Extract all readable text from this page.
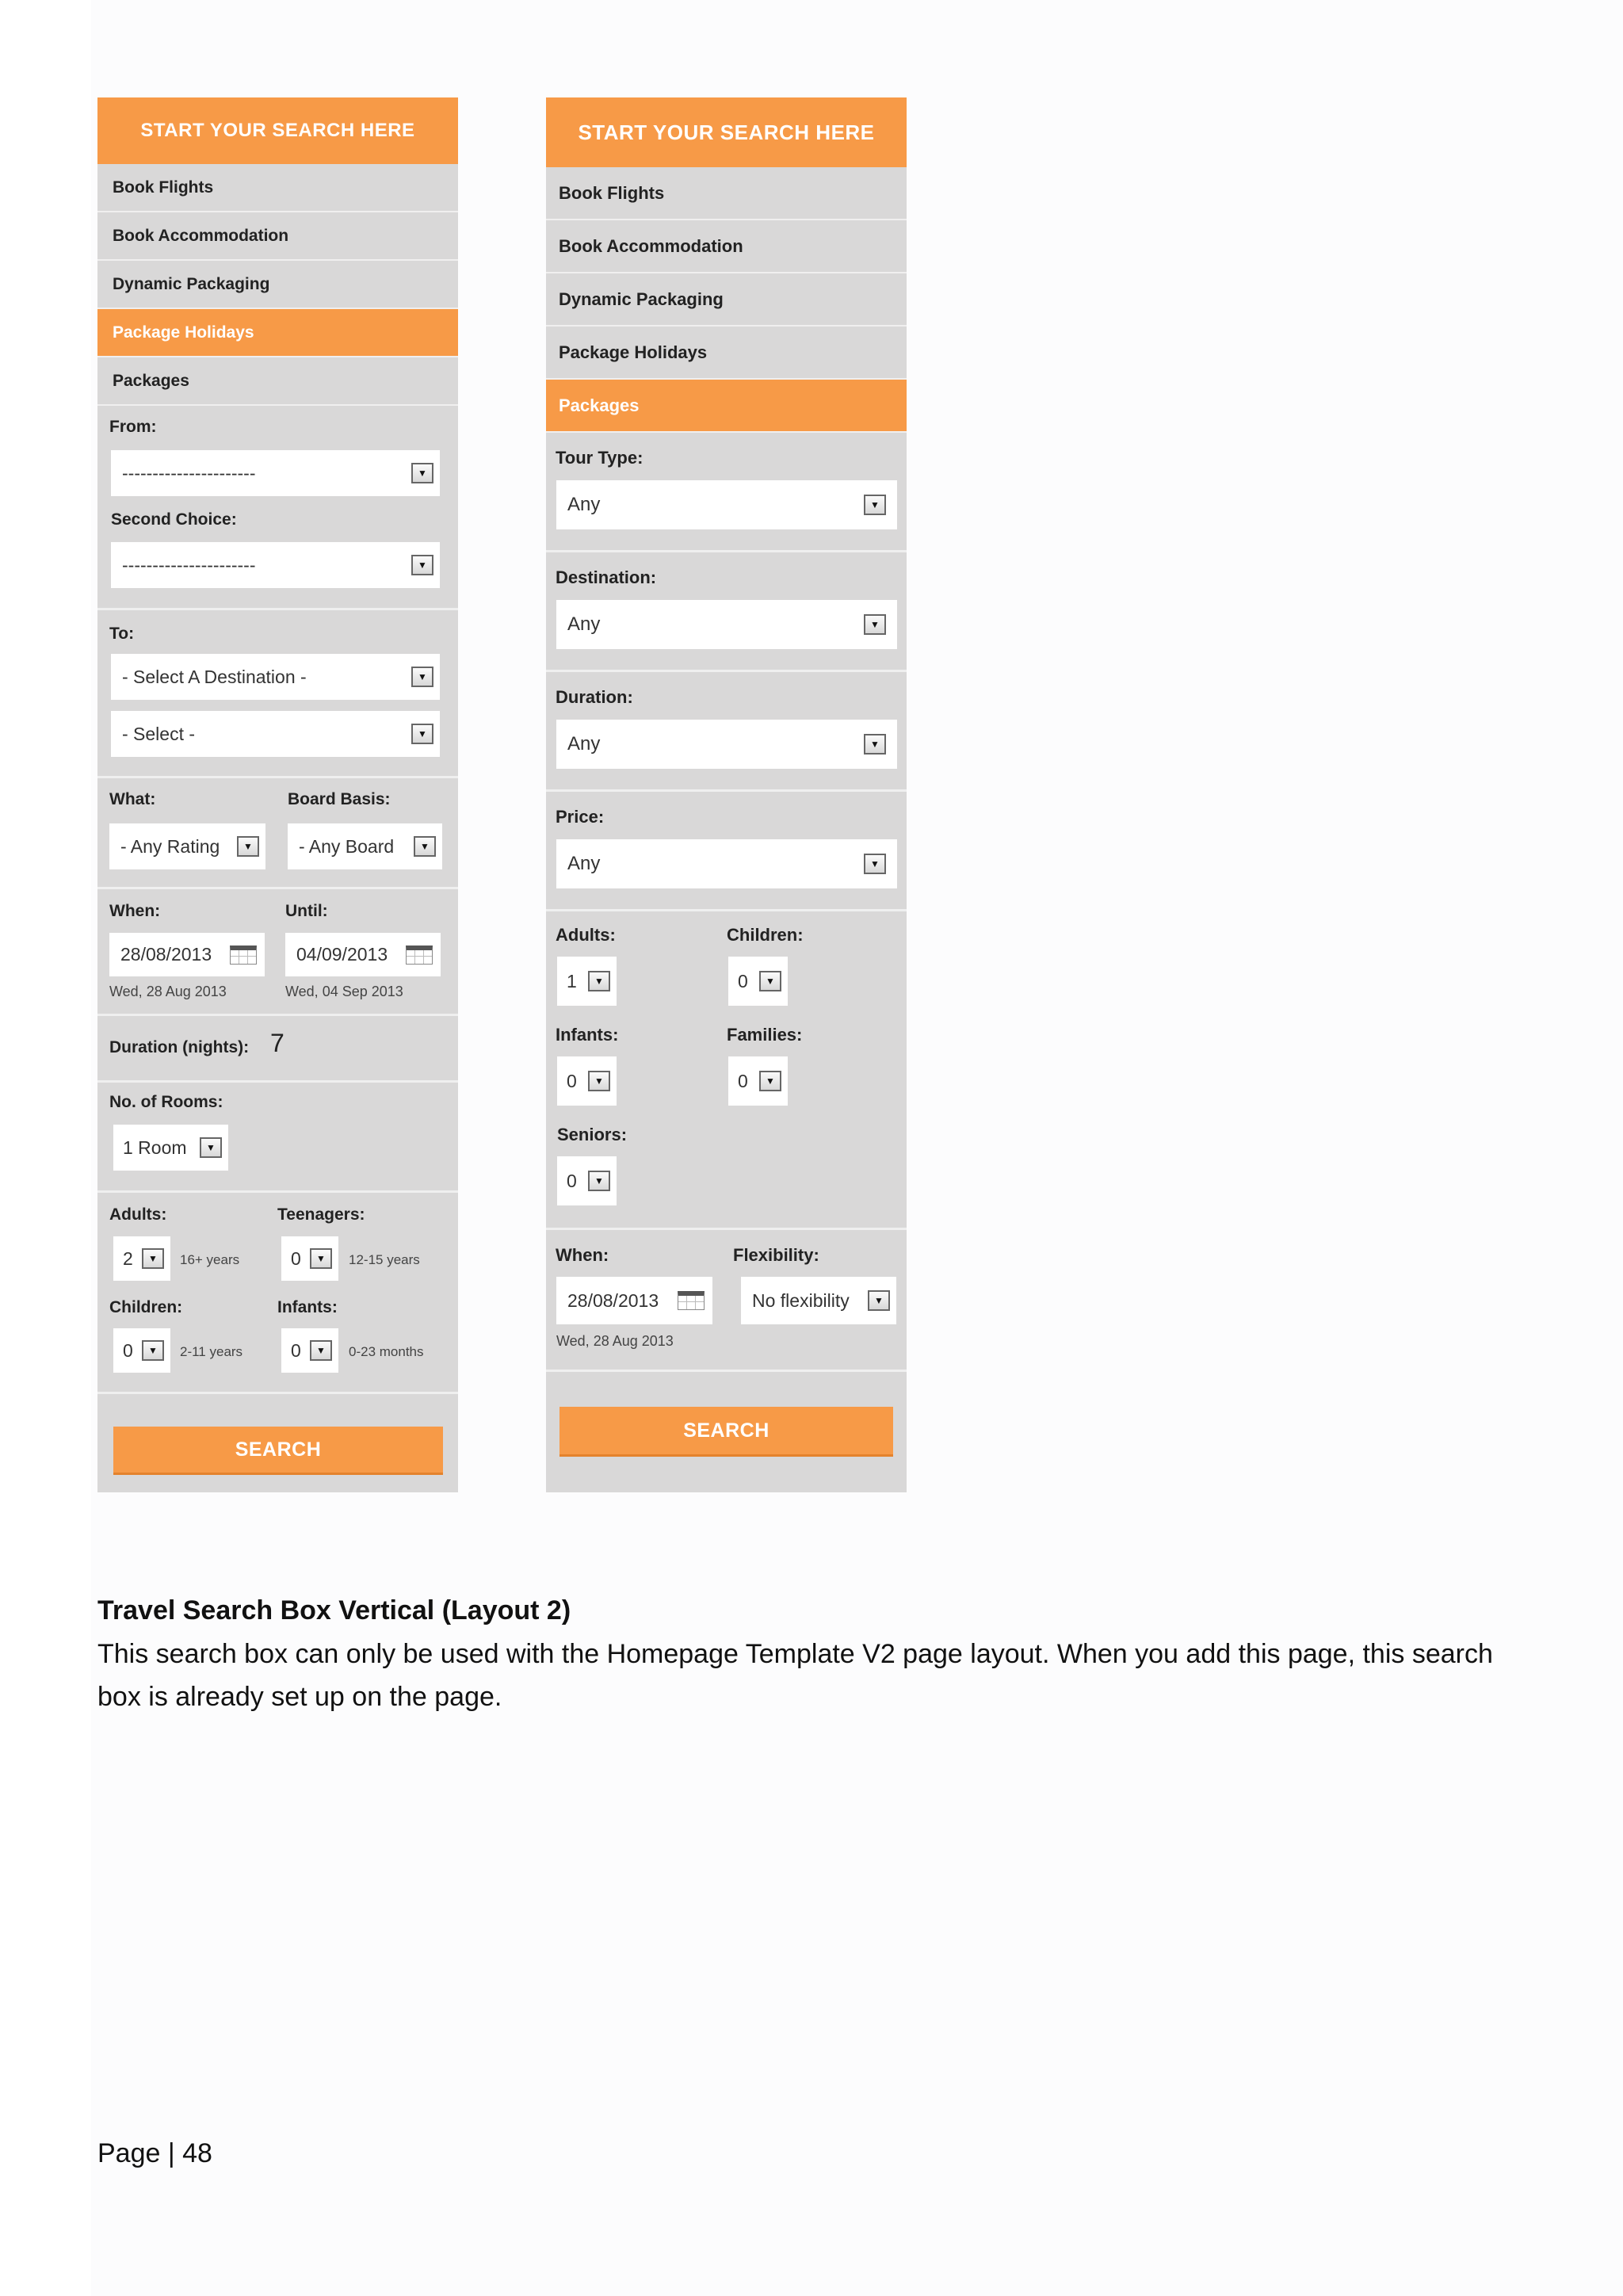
START YOUR SEARCH HERE
Book Flights
Book Accommodation
Dynamic Packaging
Package Holidays
Packages
From:
----------------------	▼
Second Choice:
----------------------	▼
To:
- Select A Destination -	▼
- Select -	▼
What:	Board Basis:
- Any Rating	▼	- Any Board	▼
When:	Until:
28/08/2013	04/09/2013
Wed, 28 Aug 2013	Wed, 04 Sep 2013
Duration (nights): 7
No. of Rooms:
1 Room	▼
Adults:	Teenagers:
2	▼	16+ years	0	▼	12-15 years
Children:	Infants:
0	▼	2-11 years	0	▼	0-23 months
SEARCH
START YOUR SEARCH HERE
Book Flights
Book Accommodation
Dynamic Packaging
Package Holidays
Packages
Tour Type:
Any	▼
Destination:
Any	▼
Duration:
Any	▼
Price:
Any	▼
Adults:	Children:
1	▼	0	▼
Infants:	Families:
0	▼	0	▼
Seniors:
0	▼
When:	Flexibility:
28/08/2013	No flexibility	▼
Wed, 28 Aug 2013
SEARCH
Travel Search Box Vertical (Layout 2)
This search box can only be used with the Homepage Template V2 page layout. When you add this page, this search box is already set up on the page.
Page | 48
